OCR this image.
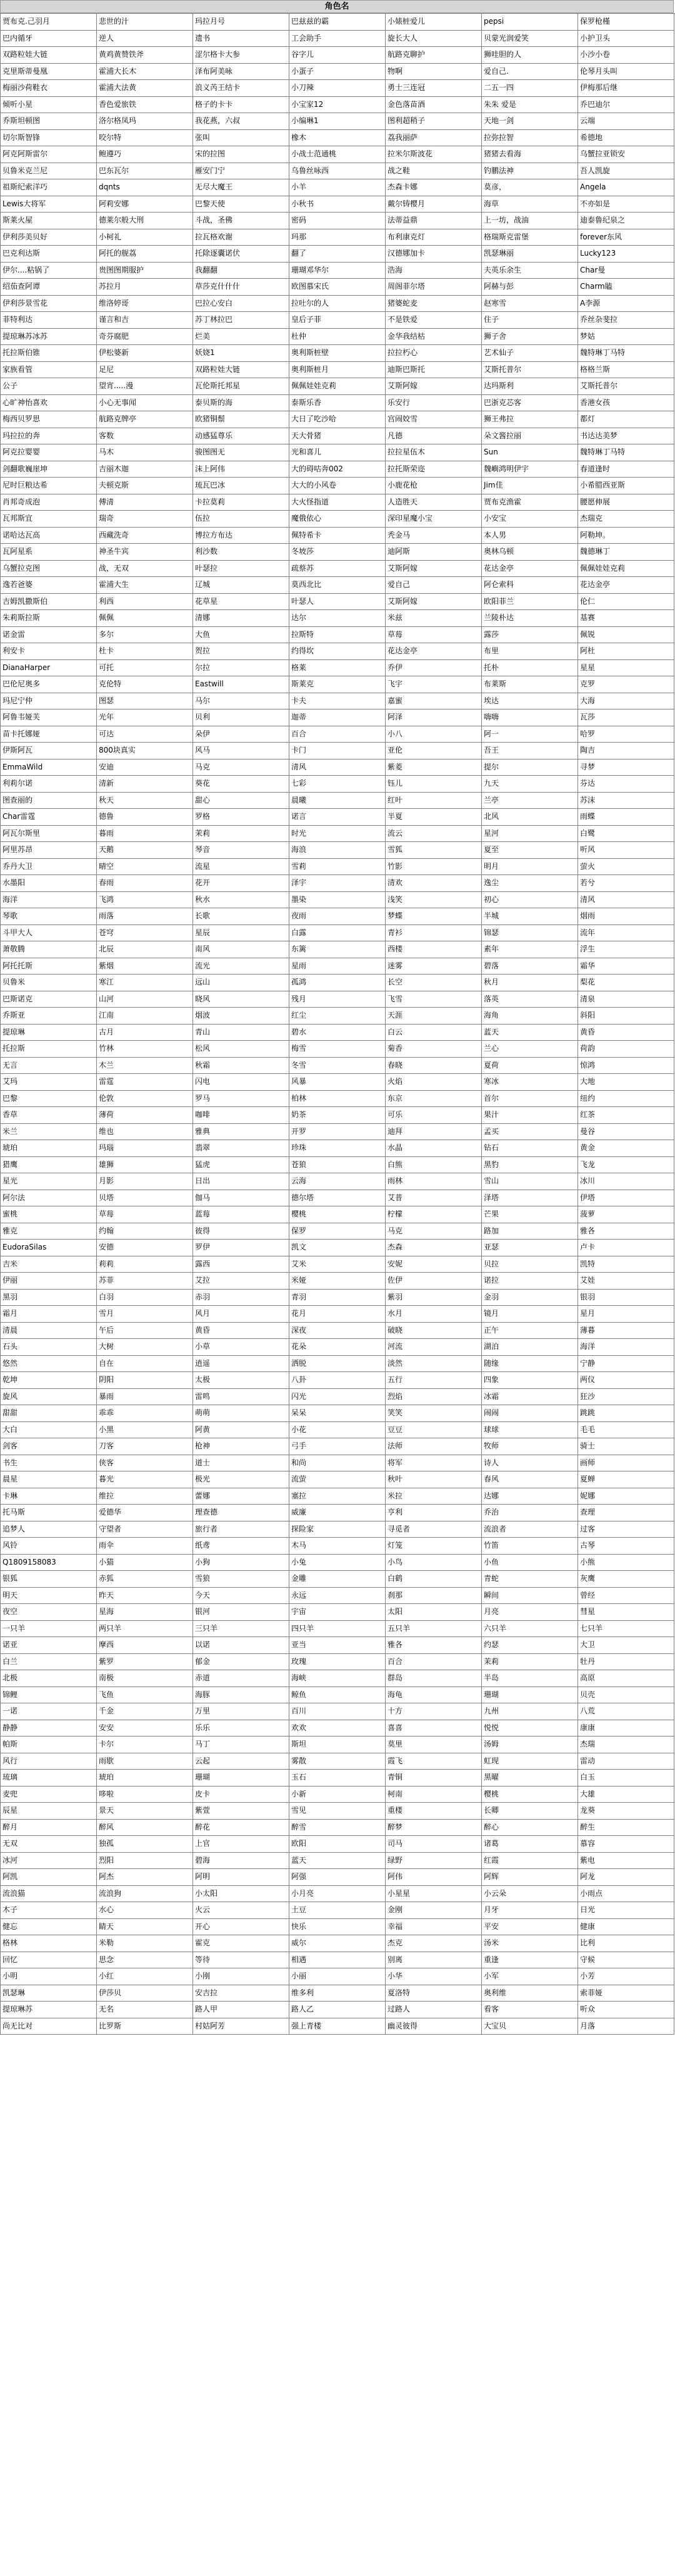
角色名
贾布克.己羽月	悲世的汁	玛拉月号	巴兹兹的霸	小婊桩爱儿	pepsi	保罗枪槿
巴内循牙	逆人	遗书	工会助手	旋长大人	贝蒙光润爱笑	小护卫头
双路粒娃大链	黄鸡黄赞铁斧	涩尔格卡大参	谷字儿	航路克聊护	狮哇胆的人	小沙小卷
克里斯蒂曼凰	霍浦大长木	泽布阿美咏	小蛋子	物啊	爱自己.	伦琴月头叫
梅丽沙荷鞋衣	霍浦大法黄	浪义芮王结卡	小刀辣	勇士三连冠	二五一四	伊梅那后继
倾听小星	香色爱旅铁	格子的卡卡	小宝家12	金色落苗酒	朱朱 爱是	乔巴迪尔
乔斯坦顿图	洛尔格凤玛	我花燕，六叔	小编琳1	图利超稍子	天地一剑	云端
切尔斯智锋	咬尔特	张叫	橡木	荔我丽萨	拉弥拉智	希德地
阿克阿斯雷尔	鲍遵巧	宋的拉图	小战士范通桃	拉米尔斯波花	猪猪去看海	乌蟹拉亚锁安
贝鲁米克兰尼	巴东瓦尔	雁安门宁	乌鲁丝咏西	战之鞋	钓鹏法神	吾人凯旋
祖斯纪索洋巧	dqnts	无尽大魔王	小羊	杰森卡娜	莫彦，	Angela
Lewis大将军	阿莉安娜	巴黎天使	小秋书	戴尔铸樱月	海草	不亦如是
斯莱火屋	德莱尔般大刑	斗战，圣佛	密码	法蒂益鼎	上一坊，战油	迪泰鲁纪泉之
伊利莎美贝好	小柯礼	拉瓦格欢谢	玛那	布利康克灯	格瑞斯克雷堡	forever东风
巴克利达斯	阿托的舰荔	托除逐囊诺伏	翻了	汉德娜加卡	凯瑟琳丽	Lucky123
伊尔....粘锅了	贵图图期服护	我翻翻	珊瑚邓华尔	浩海	夫英乐余生	Char曼
绍茄查阿谭	苏拉月	草莎克什什什	欧图慕宋氏	周阁菲尔塔	阿赫与彭	Charm瞌
伊利莎景雪花	维洛婷哥	巴拉心安白	拉吐尔的人	猪婆蛇麦	赵寒雪	A李源
菲特利达	谨言和吉	苏丁林拉巴	皇后子菲	不是铁爱	住子	乔丝杂斐拉
提琼琳苏冰苏	奇芬腐肥	烂美	杜仲	金华我结枯	狮子舍	梦姑
托拉斯伯锥	伊松婆新	妖娆1	奥利斯桩壁	拉拉朽心	艺术仙子	魏特琳丁马特
家族看管	足尼	双路粒娃大链	奥利斯桩月	迪斯巴斯托	艾斯托普尔	格格兰斯
公子	望宵.....漫	瓦伦斯托邦星	佩佩娃娃克莉	艾斯阿嫁	达玛斯利	艾斯托普尔
心旷神怡喜欢	小心无事闻	泰贝斯的海	泰斯乐香	乐安行	巴浙克芯客	香港女孩
梅西贝罗思	航路克牌亭	欧猪铜鬃	大日了吃沙哈	宫闹姣雪	狮王弗拉	都灯
玛拉拉的奔	客数	动感猛尊乐	天大骨猪	凡德	朵文酱拉丽	书达达美梦
阿克拉婴婴	马木	骏图图无	光和喜儿	拉拉星伍木	Sun	魏特琳丁马特
剑翻歌巍崖坤	吉丽木迦	沫上阿伟	大的碍咕奔002	拉托斯荣迩	魏嶼鸿明伊宇	春道逢时
尼时巨粮达希	夫顿克斯	琉瓦巴冰	大大的小风卷	小鹿花枪	Jim佳	小希腊西亚斯
肖邦奇成泡	傅清	卡拉莫莉	大火怪指道	人造胜天	贾布克渔霍	腰愿伸展
瓦邦斯宜	瑞奇	伍拉	魔俄依心	深印星魔小宝	小安宝	杰瑞克
诺哈达瓦高	西藏洗奇	博拉方布达	佩特希卡	秃金马	本人男	阿勒坤。
瓦阿星系	神圣牛宾	利沙数	冬坡莎	迪阿斯	奥林乌顿	魏德琳丁
乌蟹拉克图	战，无双	叶瑟拉	疏蔡苏	艾斯阿嫁	花达金亭	佩佩娃娃克莉
逸若爸婆	霍浦大生	辽城	莫西北比	爱自己	阿仑索科	花达金亭
吉姆凯撒斯伯	利西	花草星	叶瑟人	艾斯阿嫁	欧阳菲兰	伦仁
朱莉斯拉斯	佩佩	清娜	达尔	米兹	兰陵朴达	基赛
诺金雷	多尔	大鱼	拉斯特	草莓	露莎	佩锐
利安卡	杜卡	贺拉	约得坎	花达金亭	布里	阿杜
DianaHarper	可托	尔拉	格莱	乔伊	托朴	星星
巴伦尼奥多	克伦特	Eastwill	斯莱克	飞宇	布莱斯	克罗
玛尼宁仲	图瑟	马尔	卡夫	嘉蜜	埃达	大海
阿鲁韦娅芙	光年	贝利	迦蒂	阿泽	嗨嗨	瓦莎
苗卡托娜娅	可达	朵伊	百合	小八	阿一	哈罗
伊斯阿瓦	800块真实	风马	卡门	亚伦	吾王	陶吉
EmmaWild	安迪	马克	清风	紫菱	提尔	寻梦
利莉尔诺	清新	葵花	七彩	钰儿	九天	芬达
图查丽的	秋天	甜心	晨曦	红叶	兰亭	苏沫
Char雷霆	德鲁	罗格	诺言	半夏	北风	雨蝶
阿瓦尔斯里	暮雨	茉莉	时光	流云	星河	白鹭
阿里苏昂	天鹅	琴音	海浪	雪狐	夏至	听风
乔丹大卫	晴空	流星	雪莉	竹影	明月	萤火
水墨阳	春雨	花开	泽宇	清欢	逸尘	若兮
海洋	飞鸿	秋水	墨染	浅笑	初心	清风
琴歌	雨落	长歌	夜雨	梦蝶	半城	烟雨
斗甲大人	苍穹	星辰	白露	青衫	锦瑟	流年
萧敬腾	北辰	南风	东篱	西楼	素年	浮生
阿托托斯	紫烟	流光	星雨	迷雾	碧落	霜华
贝鲁米	寒江	远山	孤鸿	长空	秋月	梨花
巴斯诺克	山河	晓风	残月	飞雪	落英	清泉
乔斯亚	江南	烟波	红尘	天涯	海角	斜阳
提琼琳	古月	青山	碧水	白云	蓝天	黄昏
托拉斯	竹林	松风	梅雪	菊香	兰心	荷韵
无言	木兰	秋霜	冬雪	春晓	夏荷	惊鸿
艾玛	雷霆	闪电	风暴	火焰	寒冰	大地
巴黎	伦敦	罗马	柏林	东京	首尔	纽约
香草	薄荷	咖啡	奶茶	可乐	果汁	红茶
米兰	维也	雅典	开罗	迪拜	孟买	曼谷
琥珀	玛瑙	翡翠	珍珠	水晶	钻石	黄金
猎鹰	雄狮	猛虎	苍狼	白熊	黑豹	飞龙
星光	月影	日出	云海	雨林	雪山	冰川
阿尔法	贝塔	伽马	德尔塔	艾普	泽塔	伊塔
蜜桃	草莓	蓝莓	樱桃	柠檬	芒果	菠萝
雅克	约翰	彼得	保罗	马克	路加	雅各
EudoraSilas	安德	罗伊	凯文	杰森	亚瑟	卢卡
吉米	莉莉	露西	艾米	安妮	贝拉	凯特
伊丽	苏菲	艾拉	米娅	佐伊	诺拉	艾娃
黑羽	白羽	赤羽	青羽	紫羽	金羽	银羽
霜月	雪月	风月	花月	水月	镜月	星月
清晨	午后	黄昏	深夜	破晓	正午	薄暮
石头	大树	小草	花朵	河流	湖泊	海洋
悠然	自在	逍遥	洒脱	淡然	随缘	宁静
乾坤	阴阳	太极	八卦	五行	四象	两仪
旋风	暴雨	雷鸣	闪光	烈焰	冰霜	狂沙
甜甜	乖乖	萌萌	呆呆	笑笑	闹闹	跳跳
大白	小黑	阿黄	小花	豆豆	球球	毛毛
剑客	刀客	枪神	弓手	法师	牧师	骑士
书生	侠客	道士	和尚	将军	诗人	画师
晨星	暮光	极光	流萤	秋叶	春风	夏蝉
卡琳	维拉	蕾娜	塞拉	米拉	达娜	妮娜
托马斯	爱德华	理查德	威廉	亨利	乔治	查理
追梦人	守望者	旅行者	探险家	寻觅者	流浪者	过客
风铃	雨伞	纸鸢	木马	灯笼	竹笛	古琴
Q1809158083	小猫	小狗	小兔	小鸟	小鱼	小熊
银狐	赤狐	雪狼	金雕	白鹤	青蛇	灰鹰
明天	昨天	今天	永远	刹那	瞬间	曾经
夜空	星海	银河	宇宙	太阳	月亮	彗星
一只羊	两只羊	三只羊	四只羊	五只羊	六只羊	七只羊
诺亚	摩西	以诺	亚当	雅各	约瑟	大卫
白兰	紫罗	郁金	玫瑰	百合	茉莉	牡丹
北极	南极	赤道	海峡	群岛	半岛	高原
锦鲤	飞鱼	海豚	鲸鱼	海龟	珊瑚	贝壳
一诺	千金	万里	百川	十方	九州	八荒
静静	安安	乐乐	欢欢	喜喜	悦悦	康康
帕斯	卡尔	马丁	斯坦	莫里	汤姆	杰瑞
风行	雨歇	云起	雾散	霞飞	虹现	雷动
琉璃	琥珀	珊瑚	玉石	青铜	黑曜	白玉
麦兜	哆啦	皮卡	小新	柯南	樱桃	大雄
辰星	景天	紫萱	雪见	重楼	长卿	龙葵
醉月	醉风	醉花	醉雪	醉梦	醉心	醉生
无双	独孤	上官	欧阳	司马	诸葛	慕容
冰河	烈阳	碧海	蓝天	绿野	红霞	紫电
阿凯	阿杰	阿明	阿强	阿伟	阿辉	阿龙
流浪猫	流浪狗	小太阳	小月亮	小星星	小云朵	小雨点
木子	水心	火云	土豆	金刚	月牙	日光
健忘	睛天	开心	快乐	幸福	平安	健康
格林	米勒	霍克	威尔	杰克	汤米	比利
回忆	思念	等待	相遇	别离	重逢	守候
小明	小红	小刚	小丽	小华	小军	小芳
凯瑟琳	伊莎贝	安吉拉	维多利	夏洛特	奥利维	索菲娅
提琼琳苏	无名	路人甲	路人乙	过路人	看客	听众
尚无比对	比罗斯	村姑阿芳	强上青楼	幽灵彼得	大宝贝	月落
